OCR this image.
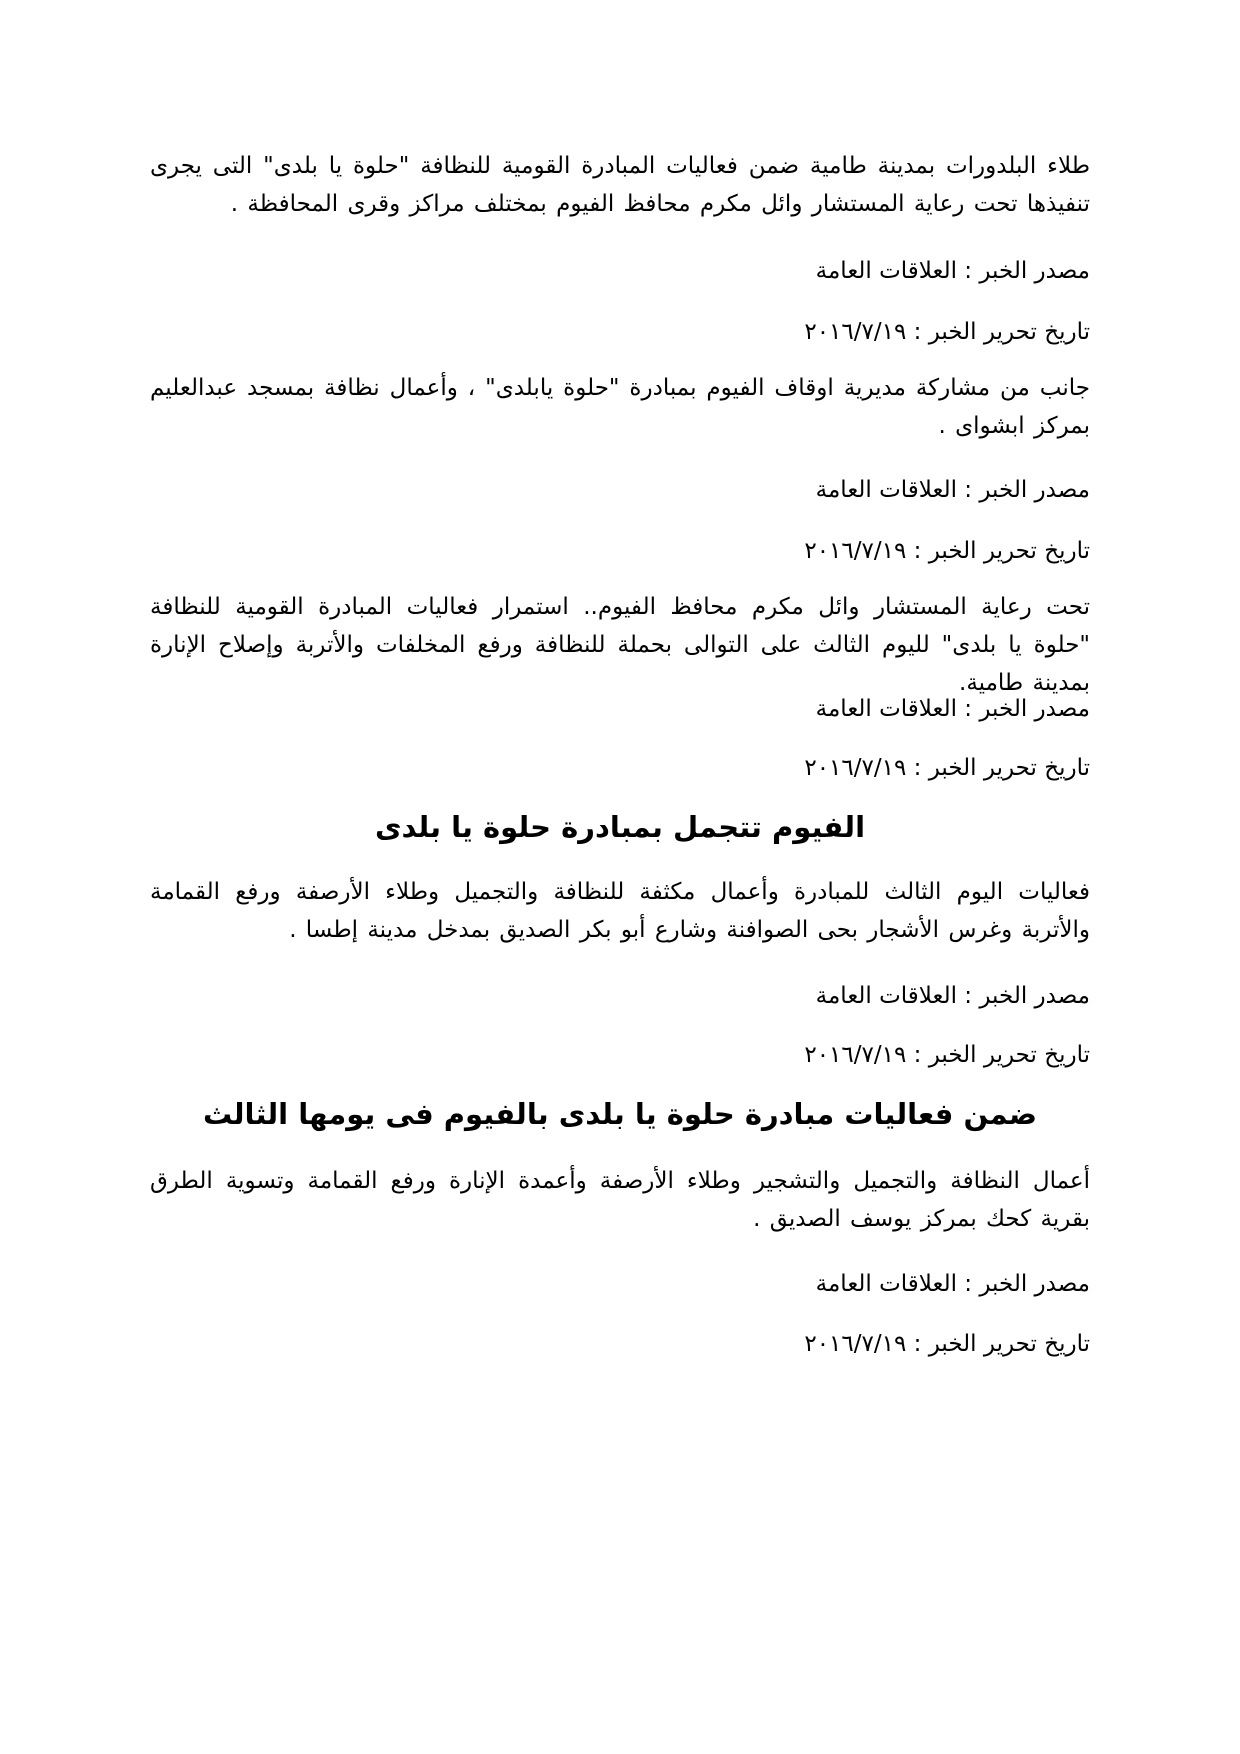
طلاء البلدورات بمدينة طامية ضمن فعاليات المبادرة القومية للنظافة "حلوة يا بلدى" التى يجرى تنفيذها تحت رعاية المستشار وائل مكرم محافظ الفيوم بمختلف مراكز وقرى المحافظة .

مصدر الخبر : العلاقات العامة

تاريخ تحرير الخبر : ٢٠١٦/٧/١٩

جانب من مشاركة مديرية اوقاف الفيوم بمبادرة "حلوة يابلدى" ، وأعمال نظافة بمسجد عبدالعليم بمركز ابشواى .

مصدر الخبر : العلاقات العامة

تاريخ تحرير الخبر : ٢٠١٦/٧/١٩

تحت رعاية المستشار وائل مكرم محافظ الفيوم.. استمرار فعاليات المبادرة القومية للنظافة "حلوة يا بلدى" لليوم الثالث على التوالى بحملة للنظافة ورفع المخلفات والأتربة وإصلاح الإنارة بمدينة طامية.

مصدر الخبر : العلاقات العامة

تاريخ تحرير الخبر : ٢٠١٦/٧/١٩

الفيوم تتجمل بمبادرة حلوة يا بلدى

فعاليات اليوم الثالث للمبادرة وأعمال مكثفة للنظافة والتجميل وطلاء الأرصفة ورفع القمامة والأتربة وغرس الأشجار بحى الصوافنة وشارع أبو بكر الصديق بمدخل مدينة إطسا .

مصدر الخبر : العلاقات العامة

تاريخ تحرير الخبر : ٢٠١٦/٧/١٩

ضمن فعاليات مبادرة حلوة يا بلدى بالفيوم فى يومها الثالث

أعمال النظافة والتجميل والتشجير وطلاء الأرصفة وأعمدة الإنارة ورفع القمامة وتسوية الطرق بقرية كحك بمركز يوسف الصديق .

مصدر الخبر : العلاقات العامة

تاريخ تحرير الخبر : ٢٠١٦/٧/١٩
